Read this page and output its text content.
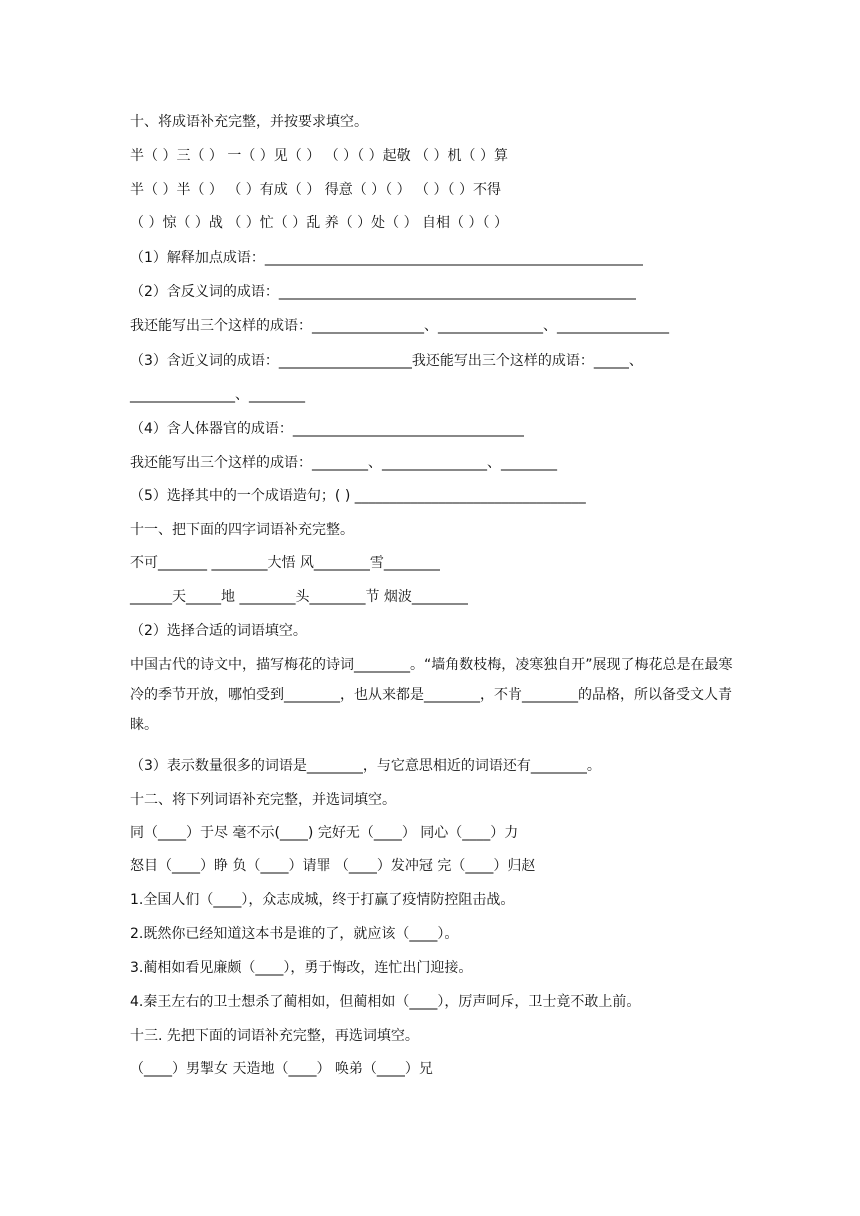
十、将成语补充完整，并按要求填空。
半（ ）三（ ） 一（ ）见（ ） （ ）（ ）起敬 （ ）机（ ）算
半（ ）半（ ） （ ）有成（ ） 得意（ ）（ ） （ ）（ ）不得
（ ）惊（ ）战 （ ）忙（ ）乱 养（ ）处（ ） 自相（ ）（ ）
（1）解释加点成语：______________________________________________________
（2）含反义词的成语：___________________________________________________
我还能写出三个这样的成语：________________、_______________、________________
（3）含近义词的成语：___________________我还能写出三个这样的成语：_____、
_______________、________
（4）含人体器官的成语：_________________________________
我还能写出三个这样的成语：________、_______________、________
（5）选择其中的一个成语造句；( ) _________________________________
十一、把下面的四字词语补充完整。
不可_______ ________大悟 风________雪________
______天_____地 ________头________节 烟波________
（2）选择合适的词语填空。
中国古代的诗文中，描写梅花的诗词________。“墙角数枝梅，凌寒独自开”展现了梅花总是在最寒冷的季节开放，哪怕受到________，也从来都是________，不肯________的品格，所以备受文人青睐。
（3）表示数量很多的词语是________，与它意思相近的词语还有________。
十二、将下列词语补充完整，并选词填空。
同（____）于尽 毫不示(____) 完好无（____） 同心（____）力
怒目（____）睁 负（____）请罪 （____）发冲冠 完（____）归赵
1.全国人们（____），众志成城，终于打赢了疫情防控阻击战。
2.既然你已经知道这本书是谁的了，就应该（____）。
3.蔺相如看见廉颇（____），勇于悔改，连忙出门迎接。
4.秦王左右的卫士想杀了蔺相如，但蔺相如（____），厉声呵斥，卫士竟不敢上前。
十三. 先把下面的词语补充完整，再选词填空。
（____）男掣女 天造地（____） 唤弟（____）兄
